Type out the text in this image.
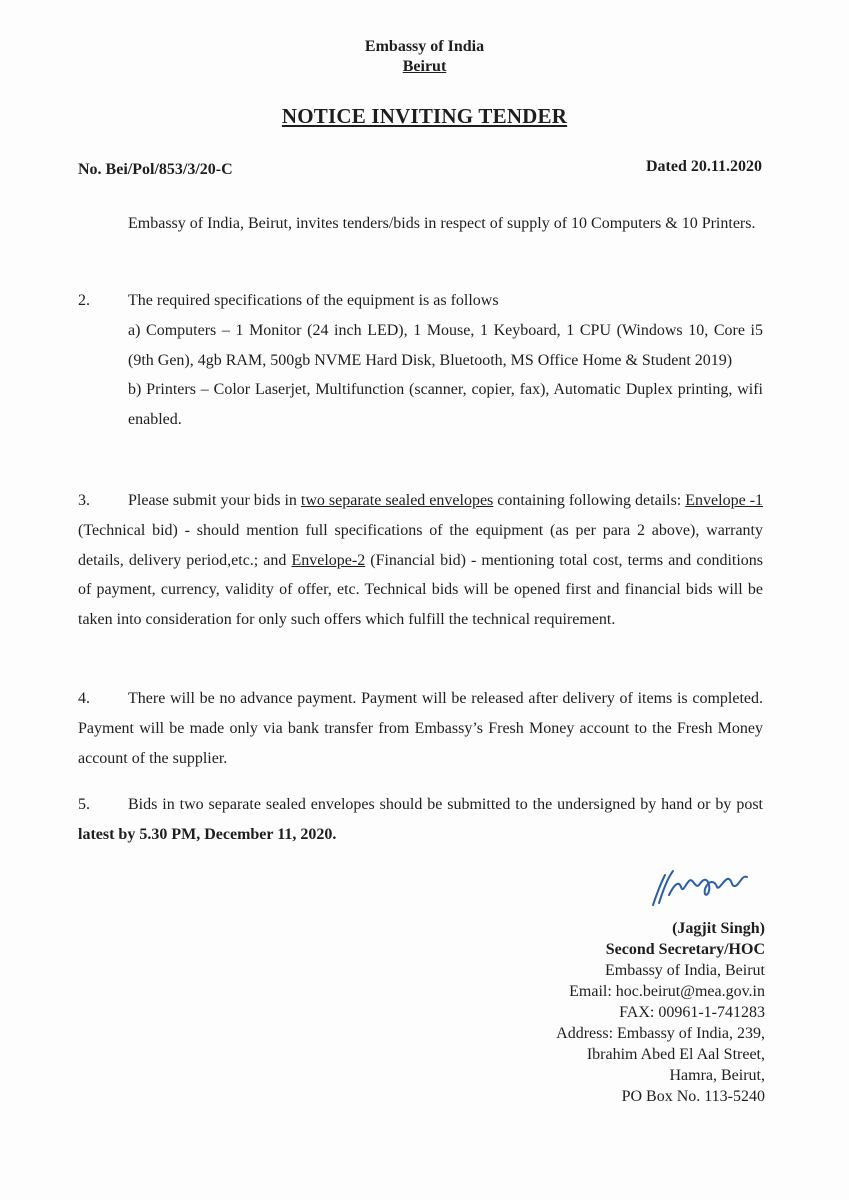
Embassy of India
Beirut
NOTICE INVITING TENDER
No. Bei/Pol/853/3/20-C	Dated 20.11.2020
Embassy of India, Beirut, invites tenders/bids in respect of supply of 10 Computers & 10 Printers.
2. The required specifications of the equipment is as follows
a) Computers – 1 Monitor (24 inch LED), 1 Mouse, 1 Keyboard, 1 CPU (Windows 10, Core i5 (9th Gen), 4gb RAM, 500gb NVME Hard Disk, Bluetooth, MS Office Home & Student 2019)
b) Printers – Color Laserjet, Multifunction (scanner, copier, fax), Automatic Duplex printing, wifi enabled.
3. Please submit your bids in two separate sealed envelopes containing following details: Envelope -1 (Technical bid) - should mention full specifications of the equipment (as per para 2 above), warranty details, delivery period,etc.; and Envelope-2 (Financial bid) - mentioning total cost, terms and conditions of payment, currency, validity of offer, etc. Technical bids will be opened first and financial bids will be taken into consideration for only such offers which fulfill the technical requirement.
4. There will be no advance payment. Payment will be released after delivery of items is completed. Payment will be made only via bank transfer from Embassy’s Fresh Money account to the Fresh Money account of the supplier.
5. Bids in two separate sealed envelopes should be submitted to the undersigned by hand or by post latest by 5.30 PM, December 11, 2020.
(Jagjit Singh)
Second Secretary/HOC
Embassy of India, Beirut
Email: hoc.beirut@mea.gov.in
FAX: 00961-1-741283
Address: Embassy of India, 239,
Ibrahim Abed El Aal Street,
Hamra, Beirut,
PO Box No. 113-5240
